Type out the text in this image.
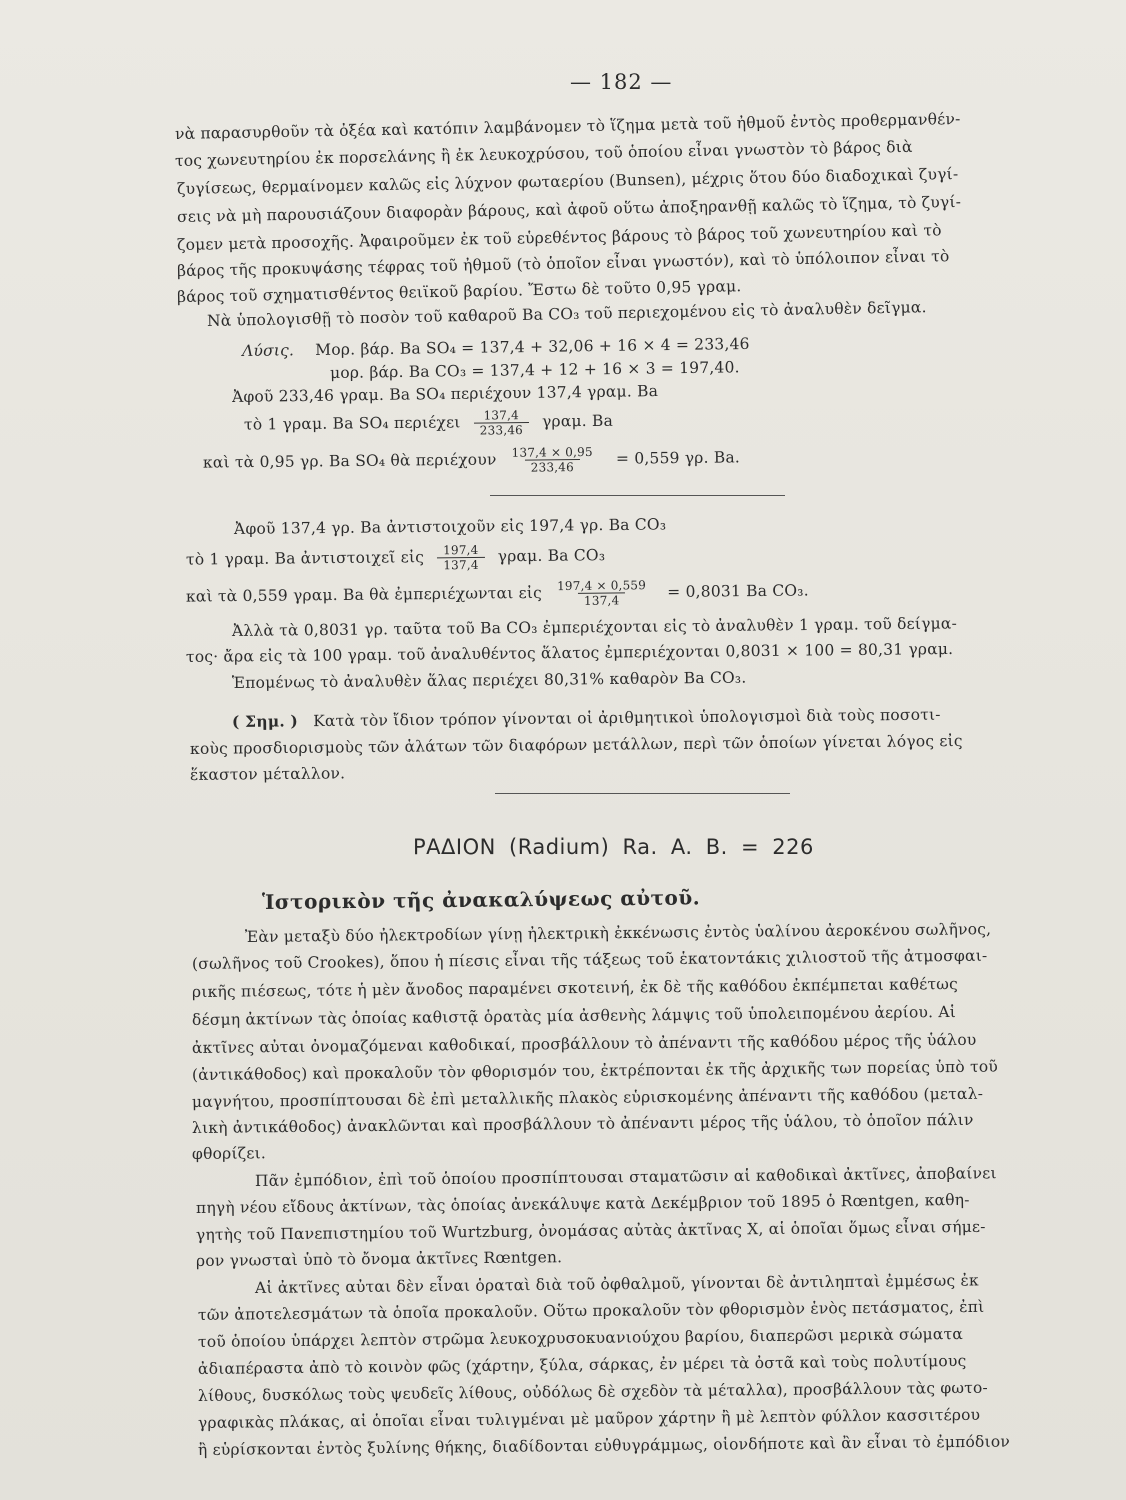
— 182 —
νὰ παρασυρθοῦν τὰ ὀξέα καὶ κατόπιν λαμβάνομεν τὸ ἵζημα μετὰ τοῦ ἠθμοῦ ἐντὸς προθερμανθέν-
τος χωνευτηρίου ἐκ πορσελάνης ἢ ἐκ λευκοχρύσου, τοῦ ὁποίου εἶναι γνωστὸν τὸ βάρος διὰ
ζυγίσεως, θερμαίνομεν καλῶς εἰς λύχνον φωταερίου (Bunsen), μέχρις ὅτου δύο διαδοχικαὶ ζυγί-
σεις νὰ μὴ παρουσιάζουν διαφορὰν βάρους, καὶ ἀφοῦ οὕτω ἀποξηρανθῇ καλῶς τὸ ἵζημα, τὸ ζυγί-
ζομεν μετὰ προσοχῆς. Ἀφαιροῦμεν ἐκ τοῦ εὑρεθέντος βάρους τὸ βάρος τοῦ χωνευτηρίου καὶ τὸ
βάρος τῆς προκυψάσης τέφρας τοῦ ἠθμοῦ (τὸ ὁποῖον εἶναι γνωστόν), καὶ τὸ ὑπόλοιπον εἶναι τὸ
βάρος τοῦ σχηματισθέντος θειϊκοῦ βαρίου. Ἔστω δὲ τοῦτο 0,95 γραμ.
Νὰ ὑπολογισθῇ τὸ ποσὸν τοῦ καθαροῦ Ba CO₃ τοῦ περιεχομένου εἰς τὸ ἀναλυθὲν δεῖγμα.
Λύσις. Μορ. βάρ. Ba SO₄ = 137,4 + 32,06 + 16 × 4 = 233,46
μορ. βάρ. Ba CO₃ = 137,4 + 12 + 16 × 3 = 197,40.
Ἀφοῦ 233,46 γραμ. Ba SO₄ περιέχουν 137,4 γραμ. Ba
τὸ 1 γραμ. Ba SO₄ περιέχει $\frac{137,4}{233,46} \gamma\rho\alpha\mu$. Ba
καὶ τὰ 0,95 γρ. Ba SO₄ θὰ περιέχουν $\frac{137,4 \times 0,95}{233,46} = 0,559$ γρ. Ba.
Ἀφοῦ 137,4 γρ. Ba ἀντιστοιχοῦν εἰς 197,4 γρ. Ba CO₃
τὸ 1 γραμ. Ba ἀντιστοιχεῖ εἰς $\frac{197,4}{137,4} \gamma\rho\alpha\mu$. Ba CO₃
καὶ τὰ 0,559 γραμ. Ba θὰ ἐμπεριέχωνται εἰς $\frac{197,4 \times 0,559}{137,4} = 0,8031$ Ba CO₃.
Ἀλλὰ τὰ 0,8031 γρ. ταῦτα τοῦ Ba CO₃ ἐμπεριέχονται εἰς τὸ ἀναλυθὲν 1 γραμ. τοῦ δείγμα-
τος· ἄρα εἰς τὰ 100 γραμ. τοῦ ἀναλυθέντος ἅλατος ἐμπεριέχονται 0,8031 × 100 = 80,31 γραμ.
Ἑπομένως τὸ ἀναλυθὲν ἅλας περιέχει 80,31% καθαρὸν Ba CO₃.
( Σημ. ) Κατὰ τὸν ἴδιον τρόπον γίνονται οἱ ἀριθμητικοὶ ὑπολογισμοὶ διὰ τοὺς ποσοτι-
κοὺς προσδιορισμοὺς τῶν ἁλάτων τῶν διαφόρων μετάλλων, περὶ τῶν ὁποίων γίνεται λόγος εἰς
ἕκαστον μέταλλον.
ΡΑΔΙΟΝ (Radium) Ra. A. B. = 226
Ἱστορικὸν τῆς ἀνακαλύψεως αὐτοῦ.
Ἐὰν μεταξὺ δύο ἠλεκτροδίων γίνῃ ἠλεκτρικὴ ἐκκένωσις ἐντὸς ὑαλίνου ἀεροκένου σωλῆνος,
(σωλῆνος τοῦ Crookes), ὅπου ἡ πίεσις εἶναι τῆς τάξεως τοῦ ἑκατοντάκις χιλιοστοῦ τῆς ἀτμοσφαι-
ρικῆς πιέσεως, τότε ἡ μὲν ἄνοδος παραμένει σκοτεινή, ἐκ δὲ τῆς καθόδου ἐκπέμπεται καθέτως
δέσμη ἀκτίνων τὰς ὁποίας καθιστᾷ ὁρατὰς μία ἀσθενὴς λάμψις τοῦ ὑπολειπομένου ἀερίου. Αἱ
ἀκτῖνες αὐται ὀνομαζόμεναι καθοδικαί, προσβάλλουν τὸ ἀπέναντι τῆς καθόδου μέρος τῆς ὑάλου
(ἀντικάθοδος) καὶ προκαλοῦν τὸν φθορισμόν του, ἐκτρέπονται ἐκ τῆς ἀρχικῆς των πορείας ὑπὸ τοῦ
μαγνήτου, προσπίπτουσαι δὲ ἐπὶ μεταλλικῆς πλακὸς εὑρισκομένης ἀπέναντι τῆς καθόδου (μεταλ-
λικὴ ἀντικάθοδος) ἀνακλῶνται καὶ προσβάλλουν τὸ ἀπέναντι μέρος τῆς ὑάλου, τὸ ὁποῖον πάλιν
φθορίζει.
Πᾶν ἐμπόδιον, ἐπὶ τοῦ ὁποίου προσπίπτουσαι σταματῶσιν αἱ καθοδικαὶ ἀκτῖνες, ἀποβαίνει
πηγὴ νέου εἴδους ἀκτίνων, τὰς ὁποίας ἀνεκάλυψε κατὰ Δεκέμβριον τοῦ 1895 ὁ Rœntgen, καθη-
γητὴς τοῦ Πανεπιστημίου τοῦ Wurtzburg, ὀνομάσας αὐτὰς ἀκτῖνας X, αἱ ὁποῖαι ὅμως εἶναι σήμε-
ρον γνωσταὶ ὑπὸ τὸ ὄνομα ἀκτῖνες Rœntgen.
Αἱ ἀκτῖνες αὐται δὲν εἶναι ὁραταὶ διὰ τοῦ ὀφθαλμοῦ, γίνονται δὲ ἀντιληπταὶ ἐμμέσως ἐκ
τῶν ἀποτελεσμάτων τὰ ὁποῖα προκαλοῦν. Οὕτω προκαλοῦν τὸν φθορισμὸν ἑνὸς πετάσματος, ἐπὶ
τοῦ ὁποίου ὑπάρχει λεπτὸν στρῶμα λευκοχρυσοκυανιούχου βαρίου, διαπερῶσι μερικὰ σώματα
ἀδιαπέραστα ἀπὸ τὸ κοινὸν φῶς (χάρτην, ξύλα, σάρκας, ἐν μέρει τὰ ὀστᾶ καὶ τοὺς πολυτίμους
λίθους, δυσκόλως τοὺς ψευδεῖς λίθους, οὐδόλως δὲ σχεδὸν τὰ μέταλλα), προσβάλλουν τὰς φωτο-
γραφικὰς πλάκας, αἱ ὁποῖαι εἶναι τυλιγμέναι μὲ μαῦρον χάρτην ἢ μὲ λεπτὸν φύλλον κασσιτέρου
ἢ εὑρίσκονται ἐντὸς ξυλίνης θήκης, διαδίδονται εὐθυγράμμως, οἱονδήποτε καὶ ἂν εἶναι τὸ ἐμπόδιον
